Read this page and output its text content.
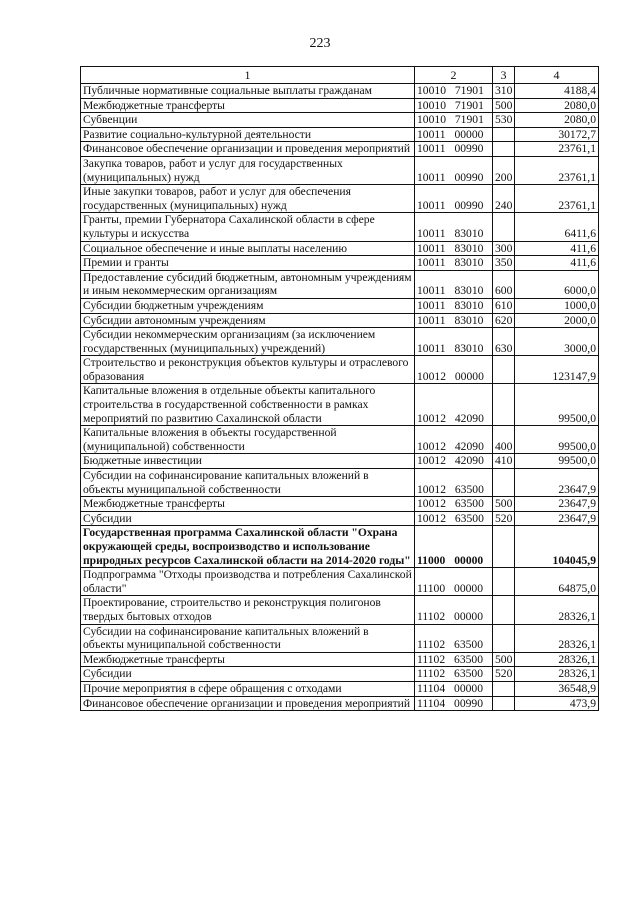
223
1	2	3	4
Публичные нормативные социальные выплаты гражданам	10010 71901	310	4188,4
Межбюджетные трансферты	10010 71901	500	2080,0
Субвенции	10010 71901	530	2080,0
Развитие социально-культурной деятельности	10011 00000		30172,7
Финансовое обеспечение организации и проведения мероприятий	10011 00990		23761,1
Закупка товаров, работ и услуг для государственных (муниципальных) нужд	10011 00990	200	23761,1
Иные закупки товаров, работ и услуг для обеспечения государственных (муниципальных) нужд	10011 00990	240	23761,1
Гранты, премии Губернатора Сахалинской области в сфере культуры и искусства	10011 83010		6411,6
Социальное обеспечение и иные выплаты населению	10011 83010	300	411,6
Премии и гранты	10011 83010	350	411,6
Предоставление субсидий бюджетным, автономным учреждениям и иным некоммерческим организациям	10011 83010	600	6000,0
Субсидии бюджетным учреждениям	10011 83010	610	1000,0
Субсидии автономным учреждениям	10011 83010	620	2000,0
Субсидии некоммерческим организациям (за исключением государственных (муниципальных) учреждений)	10011 83010	630	3000,0
Строительство и реконструкция объектов культуры и отраслевого образования	10012 00000		123147,9
Капитальные вложения в отдельные объекты капитального строительства в государственной собственности в рамках мероприятий по развитию Сахалинской области	10012 42090		99500,0
Капитальные вложения в объекты государственной (муниципальной) собственности	10012 42090	400	99500,0
Бюджетные инвестиции	10012 42090	410	99500,0
Субсидии на софинансирование капитальных вложений в объекты муниципальной собственности	10012 63500		23647,9
Межбюджетные трансферты	10012 63500	500	23647,9
Субсидии	10012 63500	520	23647,9
Государственная программа Сахалинской области "Охрана окружающей среды, воспроизводство и использование природных ресурсов Сахалинской области на 2014-2020 годы"	11000 00000		104045,9
Подпрограмма "Отходы производства и потребления Сахалинской области"	11100 00000		64875,0
Проектирование, строительство и реконструкция полигонов твердых бытовых отходов	11102 00000		28326,1
Субсидии на софинансирование капитальных вложений в объекты муниципальной собственности	11102 63500		28326,1
Межбюджетные трансферты	11102 63500	500	28326,1
Субсидии	11102 63500	520	28326,1
Прочие мероприятия в сфере обращения с отходами	11104 00000		36548,9
Финансовое обеспечение организации и проведения мероприятий	11104 00990		473,9
